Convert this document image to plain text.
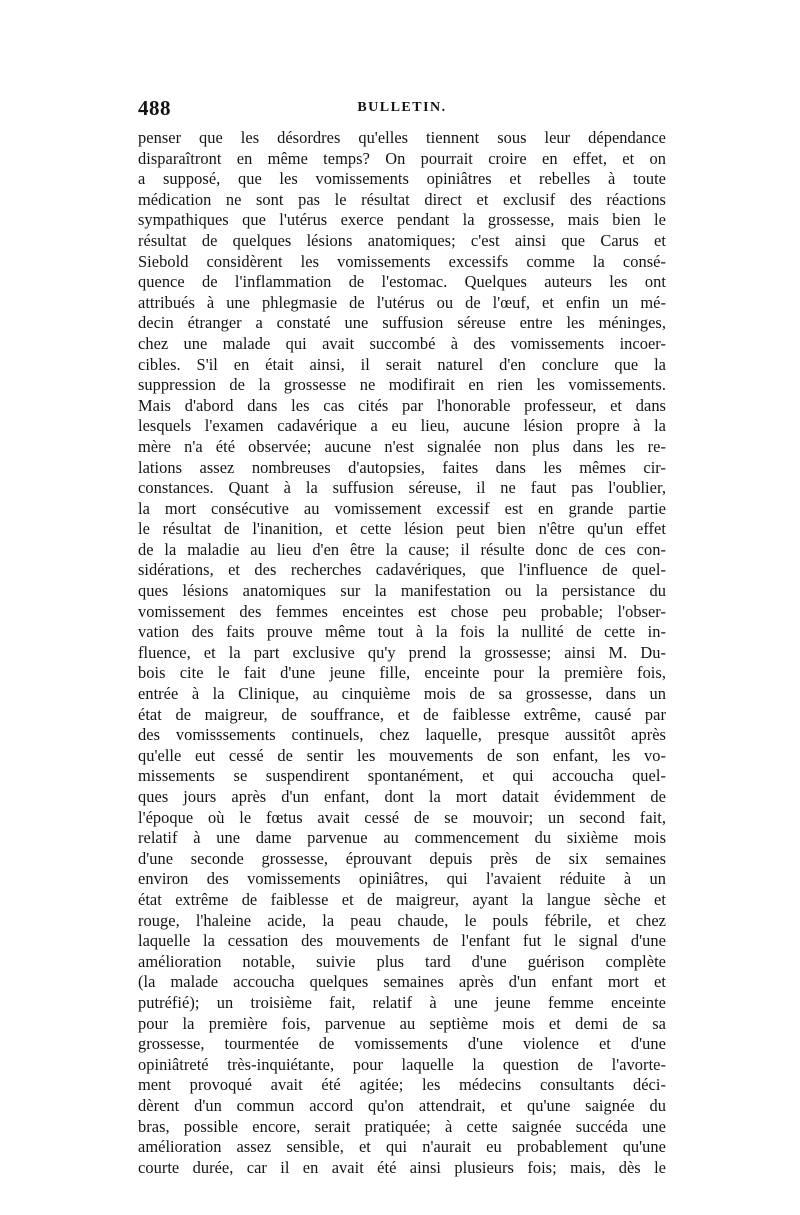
488	BULLETIN.
penser que les désordres qu'elles tiennent sous leur dépendance
disparaîtront en même temps? On pourrait croire en effet, et on
a supposé, que les vomissements opiniâtres et rebelles à toute
médication ne sont pas le résultat direct et exclusif des réactions
sympathiques que l'utérus exerce pendant la grossesse, mais bien le
résultat de quelques lésions anatomiques; c'est ainsi que Carus et
Siebold considèrent les vomissements excessifs comme la consé-
quence de l'inflammation de l'estomac. Quelques auteurs les ont
attribués à une phlegmasie de l'utérus ou de l'œuf, et enfin un mé-
decin étranger a constaté une suffusion séreuse entre les méninges,
chez une malade qui avait succombé à des vomissements incoer-
cibles. S'il en était ainsi, il serait naturel d'en conclure que la
suppression de la grossesse ne modifirait en rien les vomissements.
Mais d'abord dans les cas cités par l'honorable professeur, et dans
lesquels l'examen cadavérique a eu lieu, aucune lésion propre à la
mère n'a été observée; aucune n'est signalée non plus dans les re-
lations assez nombreuses d'autopsies, faites dans les mêmes cir-
constances. Quant à la suffusion séreuse, il ne faut pas l'oublier,
la mort consécutive au vomissement excessif est en grande partie
le résultat de l'inanition, et cette lésion peut bien n'être qu'un effet
de la maladie au lieu d'en être la cause; il résulte donc de ces con-
sidérations, et des recherches cadavériques, que l'influence de quel-
ques lésions anatomiques sur la manifestation ou la persistance du
vomissement des femmes enceintes est chose peu probable; l'obser-
vation des faits prouve même tout à la fois la nullité de cette in-
fluence, et la part exclusive qu'y prend la grossesse; ainsi M. Du-
bois cite le fait d'une jeune fille, enceinte pour la première fois,
entrée à la Clinique, au cinquième mois de sa grossesse, dans un
état de maigreur, de souffrance, et de faiblesse extrême, causé par
des vomisssements continuels, chez laquelle, presque aussitôt après
qu'elle eut cessé de sentir les mouvements de son enfant, les vo-
missements se suspendirent spontanément, et qui accoucha quel-
ques jours après d'un enfant, dont la mort datait évidemment de
l'époque où le fœtus avait cessé de se mouvoir; un second fait,
relatif à une dame parvenue au commencement du sixième mois
d'une seconde grossesse, éprouvant depuis près de six semaines
environ des vomissements opiniâtres, qui l'avaient réduite à un
état extrême de faiblesse et de maigreur, ayant la langue sèche et
rouge, l'haleine acide, la peau chaude, le pouls fébrile, et chez
laquelle la cessation des mouvements de l'enfant fut le signal d'une
amélioration notable, suivie plus tard d'une guérison complète
(la malade accoucha quelques semaines après d'un enfant mort et
putréfié); un troisième fait, relatif à une jeune femme enceinte
pour la première fois, parvenue au septième mois et demi de sa
grossesse, tourmentée de vomissements d'une violence et d'une
opiniâtreté très-inquiétante, pour laquelle la question de l'avorte-
ment provoqué avait été agitée; les médecins consultants déci-
dèrent d'un commun accord qu'on attendrait, et qu'une saignée du
bras, possible encore, serait pratiquée; à cette saignée succéda une
amélioration assez sensible, et qui n'aurait eu probablement qu'une
courte durée, car il en avait été ainsi plusieurs fois; mais, dès le
